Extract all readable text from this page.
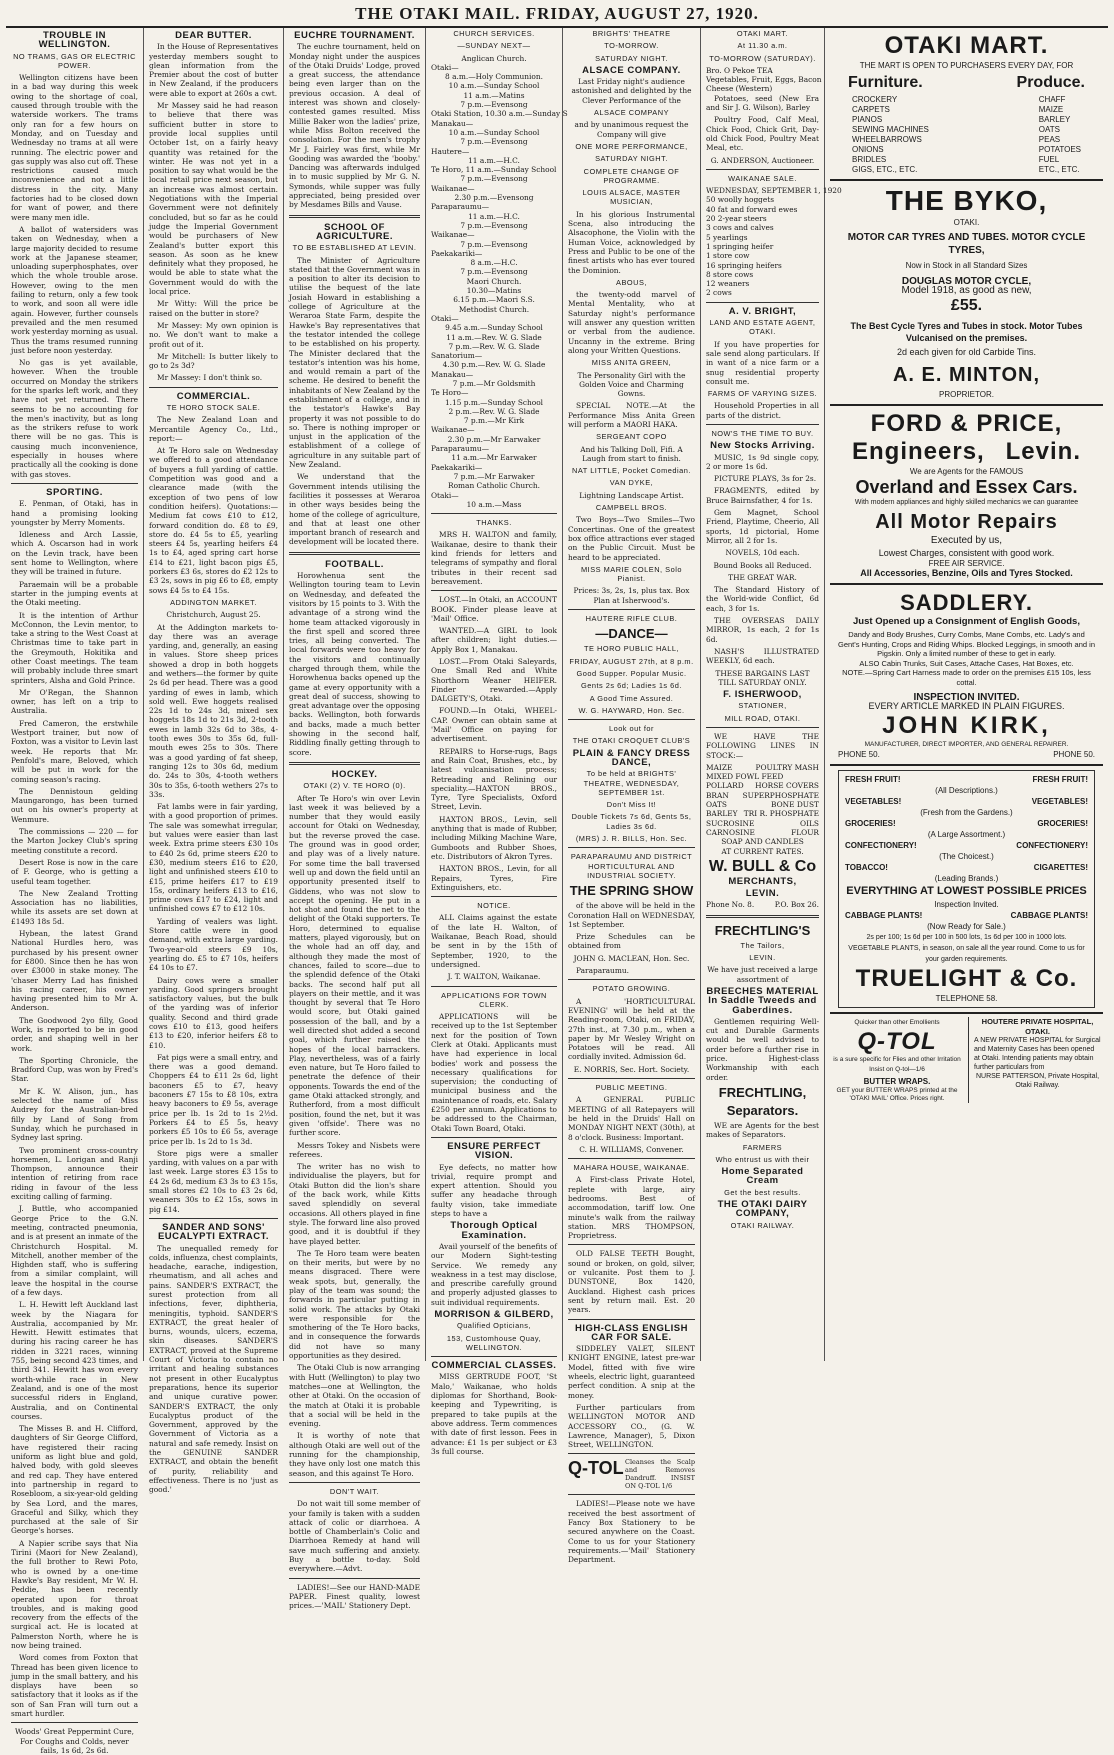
THE OTAKI MAIL. FRIDAY, AUGUST 27, 1920.
TROUBLE IN WELLINGTON.
NO TRAMS, GAS OR ELECTRIC POWER.

Wellington citizens have been in a bad way during this week owing to the shortage of coal, caused through trouble with the waterside workers. The trams only ran for a few hours on Monday, and on Tuesday and Wednesday no trams at all were running. The electric power and gas supply was also cut off. These restrictions caused much inconvenience and not a little distress in the city. Many factories had to be closed down for want of power, and there were many men idle.

A ballot of watersiders was taken on Wednesday, when a large majority decided to resume work at the Japanese steamer, unloading superphosphates, over which the whole trouble arose. However, owing to the men failing to return, only a few took to work, and soon all were idle again. However, further counsels prevailed and the men resumed work yesterday morning as usual. Thus the trams resumed running just before noon yesterday.

No gas is yet available, however. When the trouble occurred on Monday the strikers for the sparks left work, and they have not yet returned. There seems to be no accounting for the men's inactivity, but as long as the strikers refuse to work there will be no gas. This is causing much inconvenience, especially in houses where practically all the cooking is done with gas stoves.

SPORTING.

E. Penman, of Otaki, has in hand a promising looking youngster by Merry Moments.

Idleness and Arch Lassie, which A. Oscarson had in work on the Levin track, have been sent home to Wellington, where they will be trained in future.

Paraemain will be a probable starter in the jumping events at the Otaki meeting.

It is the intention of Arthur McConnon, the Levin mentor, to take a string to the West Coast at Christmas time to take part in the Greymouth, Hokitika and other Coast meetings. The team will probably include three smart sprinters, Alsha and Gold Prince.

Mr O'Regan, the Shannon owner, has left on a trip to Australia.

Fred Cameron, the erstwhile Westport trainer, but now of Foxton, was a visitor to Levin last week. He reports that Mr. Penfold's mare, Beloved, which will be put in work for the coming season's racing.

The Dennistoun gelding Maungarongo, has been turned out on his owner's property at Wenmure.

The commissions — 220 — for the Marton Jockey Club's spring meeting constitute a record.

Desert Rose is now in the care of F. George, who is getting a useful team together.

The New Zealand Trotting Association has no liabilities, while its assets are set down at £1493 18s 5d.

Hybean, the latest Grand National Hurdles hero, was purchased by his present owner for £800. Since then he has won over £3000 in stake money. The 'chaser Merry Lad has finished his racing career, his owner having presented him to Mr A. Anderson.

The Goodwood 2yo filly, Good Work, is reported to be in good order, and shaping well in her work.

The Sporting Chronicle, the Bradford Cup, was won by Fred's Star.

Mr K. W. Alison, jun., has selected the name of Miss Audrey for the Australian-bred filly by Land of Song from Sunday, which he purchased in Sydney last spring.

Two prominent cross-country horsemen, L. Lorigan and Ranji Thompson, announce their intention of retiring from race riding in favour of the less exciting calling of farming.

J. Buttle, who accompanied George Price to the G.N. meeting, contracted pneumonia, and is at present an inmate of the Christchurch Hospital. M. Mitchell, another member of the Highden staff, who is suffering from a similar complaint, will leave the hospital in the course of a few days.

L. H. Hewitt left Auckland last week by the Niagara for Australia, accompanied by Mr. Hewitt. Hewitt estimates that during his racing career he has ridden in 3221 races, winning 755, being second 423 times, and third 341. Hewitt has won every worth-while race in New Zealand, and is one of the most successful riders in England, Australia, and on Continental courses.

The Misses B. and H. Clifford, daughters of Sir George Clifford, have registered their racing uniform as light blue and gold, halved body, with gold sleeves and red cap. They have entered into partnership in regard to Rosebloom, a six-year-old gelding by Sea Lord, and the mares, Graceful and Silky, which they purchased at the sale of Sir George's horses.

A Napier scribe says that Nia Tirini (Maori for New Zealand), the full brother to Rewi Poto, who is owned by a one-time Hawke's Bay resident, Mr W. H. Peddie, has been recently operated upon for throat troubles, and is making good recovery from the effects of the surgical act. He is located at Palmerston North, where he is now being trained.

Word comes from Foxton that Thread has been given licence to jump in the small battery, and his displays have been so satisfactory that it looks as if the son of San Fran will turn out a smart hurdler.

Woods' Great Peppermint Cure, For Coughs and Colds, never fails, 1s 6d, 2s 6d.

DEAR BUTTER.

In the House of Representatives yesterday members sought to glean information from the Premier about the cost of butter in New Zealand, if the producers were able to export at 260s a cwt.

Mr Massey said he had reason to believe that there was sufficient butter in store to provide local supplies until October 1st, on a fairly heavy quantity was retained for the winter. He was not yet in a position to say what would be the local retail price next season, but an increase was almost certain. Negotiations with the Imperial Government were not definitely concluded, but so far as he could judge the Imperial Government would be purchasers of New Zealand's butter export this season. As soon as he knew definitely what they proposed, he would be able to state what the Government would do with the local price.

Mr Witty: Will the price be raised on the butter in store?

Mr Massey: My own opinion is no. We don't want to make a profit out of it.

Mr Mitchell: Is butter likely to go to 2s 3d?

Mr Massey: I don't think so.

COMMERCIAL.
TE HORO STOCK SALE.

The New Zealand Loan and Mercantile Agency Co., Ltd., report:—

At Te Horo sale on Wednesday we offered to a good attendance of buyers a full yarding of cattle. Competition was good and a clearance made (with the exception of two pens of low condition heifers). Quotations:— Medium fat cows £10 to £12, forward condition do. £8 to £9, store do. £4 5s to £5, yearling steers £4 5s, yearling heifers £4 1s to £4, aged spring cart horse £14 to £21, light bacon pigs £5, porkers £3 6s, stores do £2 12s to £3 2s, sows in pig £6 to £8, empty sows £4 5s to £4 15s.

ADDINGTON MARKET.

Christchurch, August 25.

At the Addington markets to-day there was an average yarding, and, generally, an easing in values. Store sheep prices showed a drop in both hoggets and wethers—the former by quite 2s 6d per head. There was a good yarding of ewes in lamb, which sold well. Ewe hoggets realised 22s 1d to 24s 3d, mixed sex hoggets 18s 1d to 21s 3d, 2-tooth ewes in lamb 32s 6d to 38s, 4-tooth ewes 30s to 35s 6d, full-mouth ewes 25s to 30s. There was a good yarding of fat sheep, ranging 12s to 30s 6d, medium do. 24s to 30s, 4-tooth wethers 30s to 35s, 6-tooth wethers 27s to 33s.

Fat lambs were in fair yarding, with a good proportion of primes. The sale was somewhat irregular, but values were easier than last week. Extra prime steers £30 10s to £40 2s 6d, prime steers £20 to £30, medium steers £16 to £20, light and unfinished steers £10 to £15, prime heifers £17 to £19 15s, ordinary heifers £13 to £16, prime cows £17 to £24, light and unfinished cows £7 to £12 10s.

Yarding of vealers was light. Store cattle were in good demand, with extra large yarding. Two-year-old steers £9 10s, yearling do. £5 to £7 10s, heifers £4 10s to £7.

Dairy cows were a smaller yarding. Good springers brought satisfactory values, but the bulk of the yarding was of inferior quality. Second and third grade cows £10 to £13, good heifers £13 to £20, inferior heifers £8 to £10.

Fat pigs were a small entry, and there was a good demand. Choppers £4 to £11 2s 6d, light baconers £5 to £7, heavy baconers £7 15s to £8 10s, extra heavy baconers to £9 5s, average price per lb. 1s 2d to 1s 2½d. Porkers £4 to £5 5s, heavy porkers £5 10s to £6 5s, average price per lb. 1s 2d to 1s 3d.

Store pigs were a smaller yarding, with values on a par with last week. Large stores £3 15s to £4 2s 6d, medium £3 3s to £3 15s, small stores £2 10s to £3 2s 6d, weaners 30s to £2 15s, sows in pig £14.

SANDER AND SONS' EUCALYPTI EXTRACT.

The unequalled remedy for colds, influenza, chest complaints, headache, earache, indigestion, rheumatism, and all aches and pains. SANDER'S EXTRACT, the surest protection from all infections, fever, diphtheria, meningitis, typhoid. SANDER'S EXTRACT, the great healer of burns, wounds, ulcers, eczema, skin diseases. SANDER'S EXTRACT, proved at the Supreme Court of Victoria to contain no irritant and healing substances not present in other Eucalyptus preparations, hence its superior and unique curative power. SANDER'S EXTRACT, the only Eucalyptus product of the Government, approved by the Government of Victoria as a natural and safe remedy. Insist on the GENUINE SANDER EXTRACT, and obtain the benefit of purity, reliability and effectiveness. There is no 'just as good.'

EUCHRE TOURNAMENT.

The euchre tournament, held on Monday night under the auspices of the Otaki Druids' Lodge, proved a great success, the attendance being even larger than on the previous occasion. A deal of interest was shown and closely-contested games resulted. Miss Millie Baker won the ladies' prize, while Miss Bolton received the consolation. For the men's trophy Mr J. Fairley was first, while Mr Gooding was awarded the 'booby.' Dancing was afterwards indulged in to music supplied by Mr G. N. Symonds, while supper was fully appreciated, being presided over by Mesdames Bills and Vause.

SCHOOL OF AGRICULTURE.
TO BE ESTABLISHED AT LEVIN.

The Minister of Agriculture stated that the Government was in a position to alter its decision to utilise the bequest of the late Josiah Howard in establishing a college of Agriculture at the Weraroa State Farm, despite the Hawke's Bay representatives that the testator intended the college to be established on his property. The Minister declared that the testator's intention was his home, and would remain a part of the scheme. He desired to benefit the inhabitants of New Zealand by the establishment of a college, and in the testator's Hawke's Bay property it was not possible to do so. There is nothing improper or unjust in the application of the establishment of a college of agriculture in any suitable part of New Zealand.

We understand that the Government intends utilising the facilities it possesses at Weraroa in other ways besides being the home of the college of agriculture, and that at least one other important branch of research and development will be located there.

FOOTBALL.

Horowhenua sent the Wellington touring team to Levin on Wednesday, and defeated the visitors by 15 points to 3. With the advantage of a strong wind the home team attacked vigorously in the first spell and scored three tries, all being converted. The local forwards were too heavy for the visitors and continually charged through them, while the Horowhenua backs opened up the game at every opportunity with a great deal of success, showing to great advantage over the opposing backs. Wellington, both forwards and backs, made a much better showing in the second half, Riddling finally getting through to score.

HOCKEY.
OTAKI (2) V. TE HORO (0).

After Te Horo's win over Levin last week it was believed by a number that they would easily account for Otaki on Wednesday, but the reverse proved the case. The ground was in good order, and play was of a lively nature. For some time the ball traversed well up and down the field until an opportunity presented itself to Giddens, who was not slow to accept the opening. He put in a hot shot and found the net to the delight of the Otaki supporters. Te Horo, determined to equalise matters, played vigorously, but on the whole had an off day, and although they made the most of chances, failed to score—due to the splendid defence of the Otaki backs. The second half put all players on their mettle, and it was thought by several that Te Horo would score, but Otaki gained possession of the ball, and by a well directed shot added a second goal, which further raised the hopes of the local barrackers. Play, nevertheless, was of a fairly even nature, but Te Horo failed to penetrate the defence of their opponents. Towards the end of the game Otaki attacked strongly, and Rutherford, from a most difficult position, found the net, but it was given 'offside'. There was no further score.

Messrs Tokey and Nisbets were referees.

The writer has no wish to individualise the players, but for Otaki Button did the lion's share of the back work, while Kitts saved splendidly on several occasions. All others played in fine style. The forward line also proved good, and it is doubtful if they have played better.

The Te Horo team were beaten on their merits, but were by no means disgraced. There were weak spots, but, generally, the play of the team was sound; the forwards in particular putting in solid work. The attacks by Otaki were responsible for the smothering of the Te Horo backs, and in consequence the forwards did not have so many opportunities as they desired.

The Otaki Club is now arranging with Hutt (Wellington) to play two matches—one at Wellington, the other at Otaki. On the occasion of the match at Otaki it is probable that a social will be held in the evening.

It is worthy of note that although Otaki are well out of the running for the championship, they have only lost one match this season, and this against Te Horo.

DON'T WAIT.

Do not wait till some member of your family is taken with a sudden attack of colic or diarrhoea. A bottle of Chamberlain's Colic and Diarrhoea Remedy at hand will save much suffering and anxiety. Buy a bottle to-day. Sold everywhere.—Advt.

LADIES!—See our HAND-MADE PAPER. Finest quality, lowest prices.—'MAIL' Stationery Dept.

CHURCH SERVICES.
—SUNDAY NEXT—
Anglican Church.
Otaki—
8 a.m.—Holy Communion.
10 a.m.—Sunday School
11 a.m.—Matins
7 p.m.—Evensong
Otaki Station, 10.30 a.m.—Sunday S
Manakau—
10 a.m.—Sunday School
7 p.m.—Evensong
Hautere—
11 a.m.—H.C.
Te Horo, 11 a.m.—Sunday School
7 p.m.—Evensong
Waikanae—
2.30 p.m.—Evensong
Paraparaumu—
11 a.m.—H.C.
7 p.m.—Evensong
Waikanae—
7 p.m.—Evensong
Paekakariki—
8 a.m.—H.C.
7 p.m.—Evensong
Maori Church.
10.30—Matins
6.15 p.m.—Maori S.S.
Methodist Church.
Otaki—
9.45 a.m.—Sunday School
11 a.m.—Rev. W. G. Slade
7 p.m.—Rev. W. G. Slade
Sanatorium—
4.30 p.m.—Rev. W. G. Slade
Manakau—
7 p.m.—Mr Goldsmith
Te Horo—
1.15 p.m.—Sunday School
2 p.m.—Rev. W. G. Slade
7 p.m.—Mr Kirk
Waikanae—
2.30 p.m.—Mr Earwaker
Paraparaumu—
11 a.m.—Mr Earwaker
Paekakariki—
7 p.m.—Mr Earwaker
Roman Catholic Church.
Otaki—
10 a.m.—Mass
THANKS.

MRS H. WALTON and family, Waikanae, desire to thank their kind friends for letters and telegrams of sympathy and floral tributes in their recent sad bereavement.

LOST.—In Otaki, an ACCOUNT BOOK. Finder please leave at 'Mail' Office.

WANTED.—A GIRL to look after children; light duties.—Apply Box 1, Manakau.

LOST.—From Otaki Saleyards, One Small Red and White Shorthorn Weaner HEIFER. Finder rewarded.—Apply DALGETY'S, Otaki.

FOUND.—In Otaki, WHEEL-CAP. Owner can obtain same at 'Mail' Office on paying for advertisement.

REPAIRS to Horse-rugs, Bags and Rain Coat, Brushes, etc., by latest vulcanisation process; Retreading and Relining our speciality.—HAXTON BROS., Tyre, Tyre Specialists, Oxford Street, Levin.

HAXTON BROS., Levin, sell anything that is made of Rubber, including Milking Machine Ware, Gumboots and Rubber Shoes, etc. Distributors of Akron Tyres.

HAXTON BROS., Levin, for all Repairs, Tyres, Fire Extinguishers, etc.

NOTICE.

ALL Claims against the estate of the late H. Walton, of Waikanae, Beach Road, should be sent in by the 15th of September, 1920, to the undersigned.

J. T. WALTON, Waikanae.

APPLICATIONS FOR TOWN CLERK.

APPLICATIONS will be received up to the 1st September next for the position of Town Clerk at Otaki. Applicants must have had experience in local bodies' work and possess the necessary qualifications for supervision; the conducting of municipal business and the maintenance of roads, etc. Salary £250 per annum. Applications to be addressed to the Chairman, Otaki Town Board, Otaki.

ENSURE PERFECT VISION.

Eye defects, no matter how trivial, require prompt and expert attention. Should you suffer any headache through faulty vision, take immediate steps to have a

Thorough Optical Examination.

Avail yourself of the benefits of our Modern Sight-testing Service. We remedy any weakness in a test may disclose, and prescribe carefully ground and properly adjusted glasses to suit individual requirements.

MORRISON & GILBERD,
Qualified Opticians,
153, Customhouse Quay, WELLINGTON.
COMMERCIAL CLASSES.

MISS GERTRUDE FOOT, 'St Malo,' Waikanae, who holds diplomas for Shorthand, Book-keeping and Typewriting, is prepared to take pupils at the above address. Term commences with date of first lesson. Fees in advance: £1 1s per subject or £3 3s full course.

BRIGHTS' THEATRE
TO-MORROW.
SATURDAY NIGHT.
ALSACE COMPANY.

Last Friday night's audience astonished and delighted by the Clever Performance of the

ALSACE COMPANY

and by unanimous request the Company will give

ONE MORE PERFORMANCE,
SATURDAY NIGHT.
COMPLETE CHANGE OF PROGRAMME.
LOUIS ALSACE, MASTER MUSICIAN,

In his glorious Instrumental Scena, also introducing the Alsacophone, the Violin with the Human Voice, acknowledged by Press and Public to be one of the finest artists who has ever toured the Dominion.

ABOUS,

the twenty-odd marvel of Mental Mentality, who at Saturday night's performance will answer any question written or verbal from the audience. Uncanny in the extreme. Bring along your Written Questions.

MISS ANITA GREEN,

The Personality Girl with the Golden Voice and Charming Gowns.

SPECIAL NOTE.—At the Performance Miss Anita Green will perform a MAORI HAKA.

SERGEANT COPO

And his Talking Doll, Fifi. A Laugh from start to finish.

NAT LITTLE, Pocket Comedian.
VAN DYKE,

Lightning Landscape Artist.

CAMPBELL BROS.

Two Boys—Two Smiles—Two Concertinas. One of the greatest box office attractions ever staged on the Public Circuit. Must be heard to be appreciated.

MISS MARIE COLEN, Solo Pianist.

Prices: 3s, 2s, 1s, plus tax. Box Plan at Isherwood's.

HAUTERE RIFLE CLUB.
—DANCE—
TE HORO PUBLIC HALL,
FRIDAY, AUGUST 27th, at 8 p.m.
Good Supper. Popular Music.
Gents 2s 6d; Ladies 1s 6d.
A Good Time Assured.
W. G. HAYWARD, Hon. Sec.
Look out for
THE OTAKI CROQUET CLUB'S
PLAIN & FANCY DRESS DANCE,
To be held at BRIGHTS' THEATRE, WEDNESDAY, SEPTEMBER 1st.
Don't Miss It!
Double Tickets 7s 6d, Gents 5s, Ladies 3s 6d.
(MRS) J. R. BILLS, Hon. Sec.
PARAPARAUMU AND DISTRICT HORTICULTURAL AND INDUSTRIAL SOCIETY.
THE SPRING SHOW

of the above will be held in the Coronation Hall on WEDNESDAY, 1st September.

Prize Schedules can be obtained from

JOHN G. MACLEAN, Hon. Sec.

Paraparaumu.

POTATO GROWING.

A 'HORTICULTURAL EVENING' will be held at the Reading-room, Otaki, on FRIDAY, 27th inst., at 7.30 p.m., when a paper by Mr Wesley Wright on Potatoes will be read. All cordially invited. Admission 6d.

E. NORRIS, Sec. Hort. Society.

PUBLIC MEETING.

A GENERAL PUBLIC MEETING of all Ratepayers will be held in the Druids' Hall on MONDAY NIGHT NEXT (30th), at 8 o'clock. Business: Important.

C. H. WILLIAMS, Convener.

MAHARA HOUSE, WAIKANAE.

A First-class Private Hotel, replete with large, airy bedrooms. Best of accommodation, tariff low. One minute's walk from the railway station. MRS THOMPSON, Proprietress.

OLD FALSE TEETH Bought, sound or broken, on gold, silver, or vulcanite. Post them to J. DUNSTONE, Box 1420, Auckland. Highest cash prices sent by return mail. Est. 20 years.

HIGH-CLASS ENGLISH CAR FOR SALE.

SIDDELEY VALET, SILENT KNIGHT ENGINE, latest pre-war Model, fitted with five wire wheels, electric light, guaranteed perfect condition. A snip at the money.

Further particulars from WELLINGTON MOTOR AND ACCESSORY CO., (G. W. Lawrence, Manager), 5, Dixon Street, WELLINGTON.

Q-TOL Cleanses the Scalp and Removes Dandruff. INSIST ON Q-TOL 1/6

LADIES!—Please note we have received the best assortment of Fancy Box Stationery to be secured anywhere on the Coast. Come to us for your Stationery requirements.—'Mail' Stationery Department.

OTAKI MART.
At 11.30 a.m.
TO-MORROW (SATURDAY).
Bro. O Pekoe TEA
Vegetables, Fruit, Eggs, Bacon
Cheese (Western)

Potatoes, seed (New Era and Sir J. G. Wilson), Barley

Poultry Food, Calf Meal, Chick Food, Chick Grit, Day-old Chick Food, Poultry Meat Meal, etc.

G. ANDERSON, Auctioneer.

WAIKANAE SALE.
WEDNESDAY, SEPTEMBER 1, 1920
50 woolly hoggets
40 fat and forward ewes
20 2-year steers
3 cows and calves
5 yearlings
1 springing heifer
1 store cow
16 springing heifers
8 store cows
12 weaners
2 cows
A. V. BRIGHT,
LAND AND ESTATE AGENT, OTAKI.

If you have properties for sale send along particulars. If in want of a nice farm or a snug residential property consult me.

FARMS OF VARYING SIZES.

Household Properties in all parts of the district.

NOW'S THE TIME TO BUY.
New Stocks Arriving.

MUSIC, 1s 9d single copy, 2 or more 1s 6d.

PICTURE PLAYS, 3s for 2s.

FRAGMENTS, edited by Bruce Bairnsfather, 4 for 1s.

Gem Magnet, School Friend, Playtime, Cheerio, All sports, 1d pictorial, Home Mirror, all 2 for 1s.

NOVELS, 10d each.

Bound Books all Reduced.

THE GREAT WAR.

The Standard History of the World-wide Conflict, 6d each, 3 for 1s.

THE OVERSEAS DAILY MIRROR, 1s each, 2 for 1s 6d.

NASH'S ILLUSTRATED WEEKLY, 6d each.

THESE BARGAINS LAST TILL SATURDAY ONLY.

F. ISHERWOOD,
STATIONER,
MILL ROAD, OTAKI.

WE HAVE THE FOLLOWING LINES IN STOCK:—

MAIZE	POULTRY MASH
MIXED FOWL FEED
POLLARD HORSE COVERS
BRAN SUPERPHOSPHATE
OATS	BONE DUST
BARLEY TRI R. PHOSPHATE
SUCROSINE	OILS
CARNOSINE	FLOUR
SOAP AND CANDLES
AT CURRENT RATES.
W. BULL & Co
MERCHANTS,
LEVIN.
Phone No. 8.	P.O. Box 26.
FRECHTLING'S
The Tailors,
LEVIN.

We have just received a large assortment of

BREECHES MATERIAL In Saddle Tweeds and Gaberdines.

Gentlemen requiring Well-cut and Durable Garments would be well advised to order before a further rise in price. Highest-class Workmanship with each order.

FRECHTLING,
Separators.

WE are Agents for the best makes of Separators.

FARMERS
Who entrust us with their
Home Separated Cream
Get the best results.
THE OTAKI DAIRY COMPANY,
OTAKI RAILWAY.
OTAKI MART.
THE MART IS OPEN TO PURCHASERS EVERY DAY, FOR
Furniture.	Produce.
CROCKERY
CARPETS
PIANOS
SEWING MACHINES
WHEELBARROWS
ONIONS
BRIDLES
GIGS, ETC., ETC.
CHAFF
MAIZE
BARLEY
OATS
PEAS
POTATOES
FUEL
ETC., ETC.
THE BYKO,
OTAKI.
MOTOR CAR TYRES AND TUBES. MOTOR CYCLE TYRES,
Now in Stock in all Standard Sizes
DOUGLAS MOTOR CYCLE,
Model 1918, as good as new,
£55.
The Best Cycle Tyres and Tubes in stock. Motor Tubes Vulcanised on the premises.
2d each given for old Carbide Tins.
A. E. MINTON,
PROPRIETOR.
FORD & PRICE,
Engineers, Levin.
We are Agents for the FAMOUS
Overland and Essex Cars.
With modern appliances and highly skilled mechanics we can guarantee
All Motor Repairs
Executed by us,
Lowest Charges, consistent with good work.
FREE AIR SERVICE.
All Accessories, Benzine, Oils and Tyres Stocked.
SADDLERY.
Just Opened up a Consignment of English Goods,
Dandy and Body Brushes, Curry Combs, Mane Combs, etc. Lady's and Gent's Hunting, Crops and Riding Whips. Blocked Leggings, in smooth and in Pigskin. Only a limited number of these to get in early.
ALSO Cabin Trunks, Suit Cases, Attache Cases, Hat Boxes, etc.
NOTE.—Spring Cart Harness made to order on the premises £15 10s, less cottal.
INSPECTION INVITED.
EVERY ARTICLE MARKED IN PLAIN FIGURES.
JOHN KIRK,
MANUFACTURER, DIRECT IMPORTER, AND GENERAL REPAIRER.
PHONE 50.	PHONE 50.
FRESH FRUIT!	FRESH FRUIT!
(All Descriptions.)
VEGETABLES!	VEGETABLES!
(Fresh from the Gardens.)
GROCERIES!	GROCERIES!
(A Large Assortment.)
CONFECTIONERY!	CONFECTIONERY!
(The Choicest.)
TOBACCO!	CIGARETTES!
(Leading Brands.)
EVERYTHING AT LOWEST POSSIBLE PRICES
Inspection Invited.
CABBAGE PLANTS!	CABBAGE PLANTS!
(Now Ready for Sale.)
2s per 100; 1s 6d per 100 in 500 lots, 1s 6d per 100 in 1000 lots.
VEGETABLE PLANTS, in season, on sale all the year round. Come to us for your garden requirements.
TRUELIGHT & Co.
TELEPHONE 58.
Quicker than other Emollients
Q-TOL
is a sure specific for Flies and other Irritation
Insist on Q-tol—1/6
BUTTER WRAPS.
GET your BUTTER WRAPS printed at the 'OTAKI MAIL' Office. Prices right.
HOUTERE PRIVATE HOSPITAL, OTAKI.
A NEW PRIVATE HOSPITAL for Surgical and Maternity Cases has been opened at Otaki. Intending patients may obtain further particulars from
NURSE PATTERSON, Private Hospital, Otaki Railway.
